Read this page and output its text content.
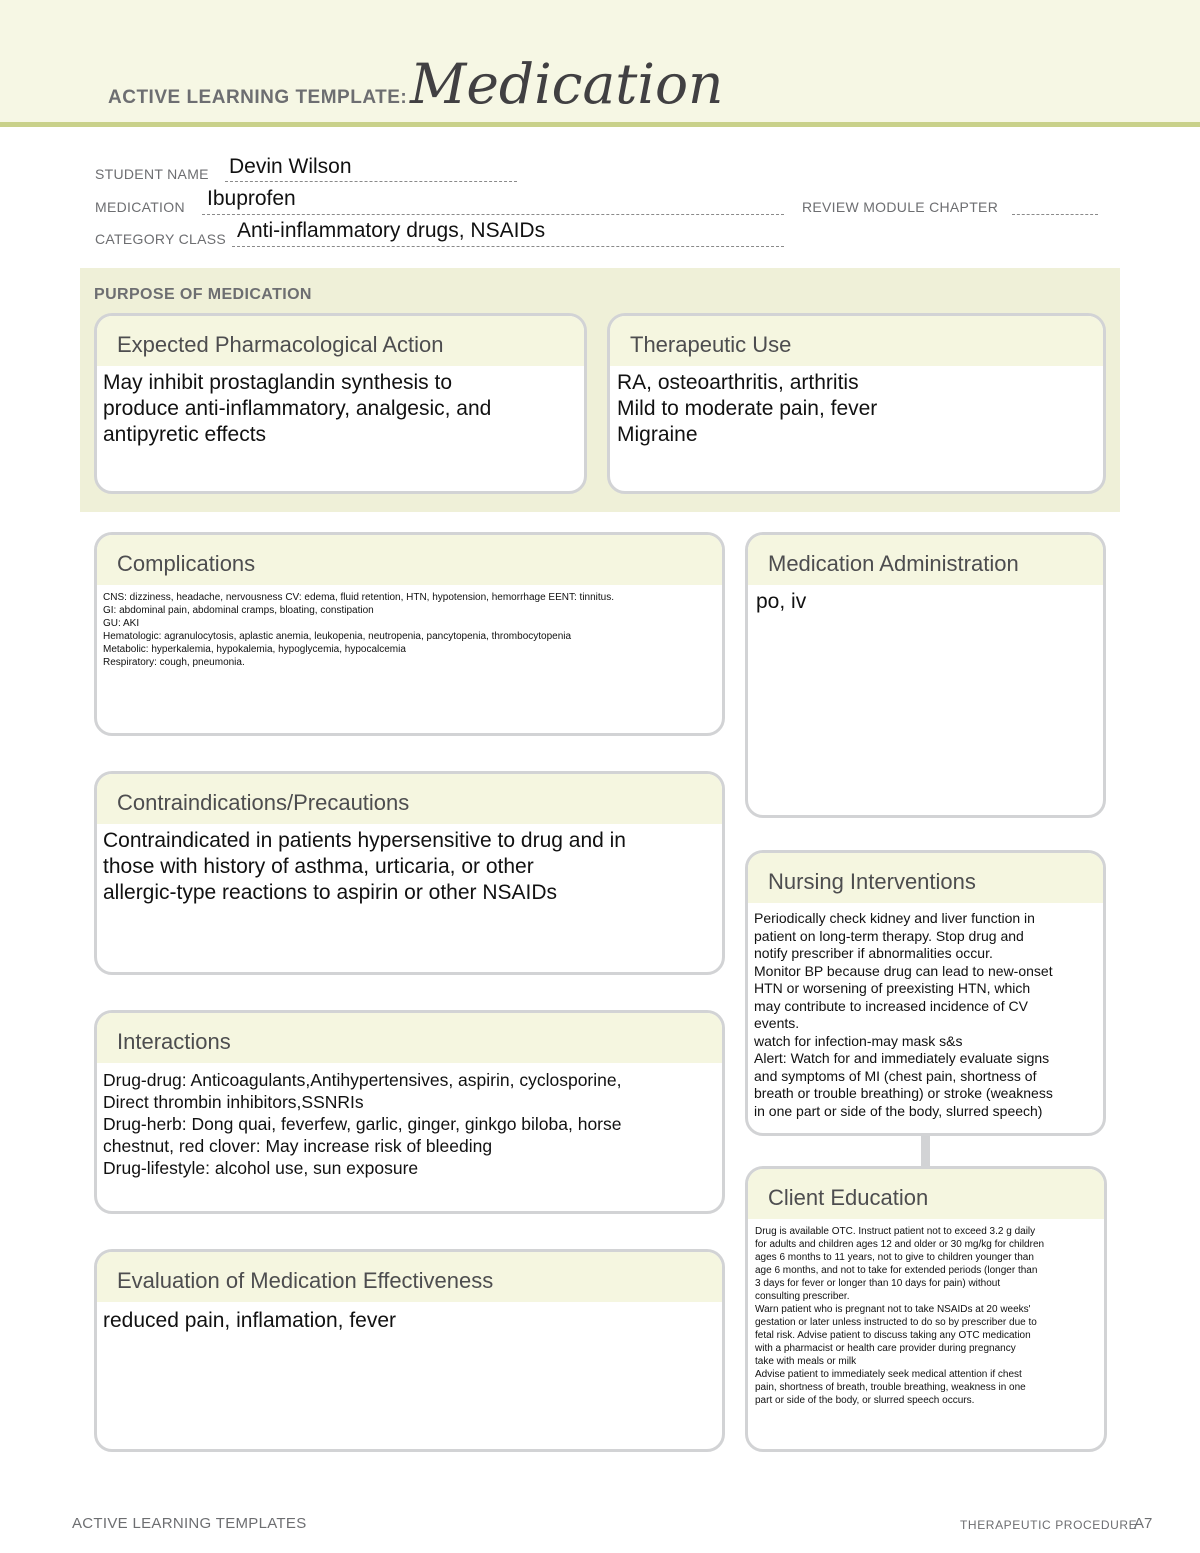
ACTIVE LEARNING TEMPLATE: Medication
STUDENT NAME Devin Wilson
MEDICATION Ibuprofen	REVIEW MODULE CHAPTER
CATEGORY CLASS Anti-inflammatory drugs, NSAIDs
PURPOSE OF MEDICATION
Expected Pharmacological Action
May inhibit prostaglandin synthesis to
produce anti-inflammatory, analgesic, and
antipyretic effects
Therapeutic Use
RA, osteoarthritis, arthritis
Mild to moderate pain, fever
Migraine
Complications
CNS: dizziness, headache, nervousness CV: edema, fluid retention, HTN, hypotension, hemorrhage EENT: tinnitus.
GI: abdominal pain, abdominal cramps, bloating, constipation
GU: AKI
Hematologic: agranulocytosis, aplastic anemia, leukopenia, neutropenia, pancytopenia, thrombocytopenia
Metabolic: hyperkalemia, hypokalemia, hypoglycemia, hypocalcemia
Respiratory: cough, pneumonia.
Medication Administration
po, iv
Contraindications/Precautions
Contraindicated in patients hypersensitive to drug and in
those with history of asthma, urticaria, or other
allergic-type reactions to aspirin or other NSAIDs	Nursing Interventions
Periodically check kidney and liver function in
patient on long-term therapy. Stop drug and
notify prescriber if abnormalities occur.
Monitor BP because drug can lead to new-onset
HTN or worsening of preexisting HTN, which
may contribute to increased incidence of CV
events.
watch for infection-may mask s&s
Alert: Watch for and immediately evaluate signs
and symptoms of MI (chest pain, shortness of
breath or trouble breathing) or stroke (weakness
in one part or side of the body, slurred speech)
Interactions
Drug-drug: Anticoagulants,Antihypertensives, aspirin, cyclosporine,
Direct thrombin inhibitors,SSNRIs
Drug-herb: Dong quai, feverfew, garlic, ginger, ginkgo biloba, horse
chestnut, red clover: May increase risk of bleeding
Drug-lifestyle: alcohol use, sun exposure
Client Education
Drug is available OTC. Instruct patient not to exceed 3.2 g daily
for adults and children ages 12 and older or 30 mg/kg for children
ages 6 months to 11 years, not to give to children younger than
age 6 months, and not to take for extended periods (longer than
3 days for fever or longer than 10 days for pain) without
consulting prescriber.
Warn patient who is pregnant not to take NSAIDs at 20 weeks'
gestation or later unless instructed to do so by prescriber due to
fetal risk. Advise patient to discuss taking any OTC medication
with a pharmacist or health care provider during pregnancy
take with meals or milk
Advise patient to immediately seek medical attention if chest
pain, shortness of breath, trouble breathing, weakness in one
part or side of the body, or slurred speech occurs.
Evaluation of Medication Effectiveness
reduced pain, inflamation, fever
ACTIVE LEARNING TEMPLATES	THERAPEUTIC PROCEDURE
A7
